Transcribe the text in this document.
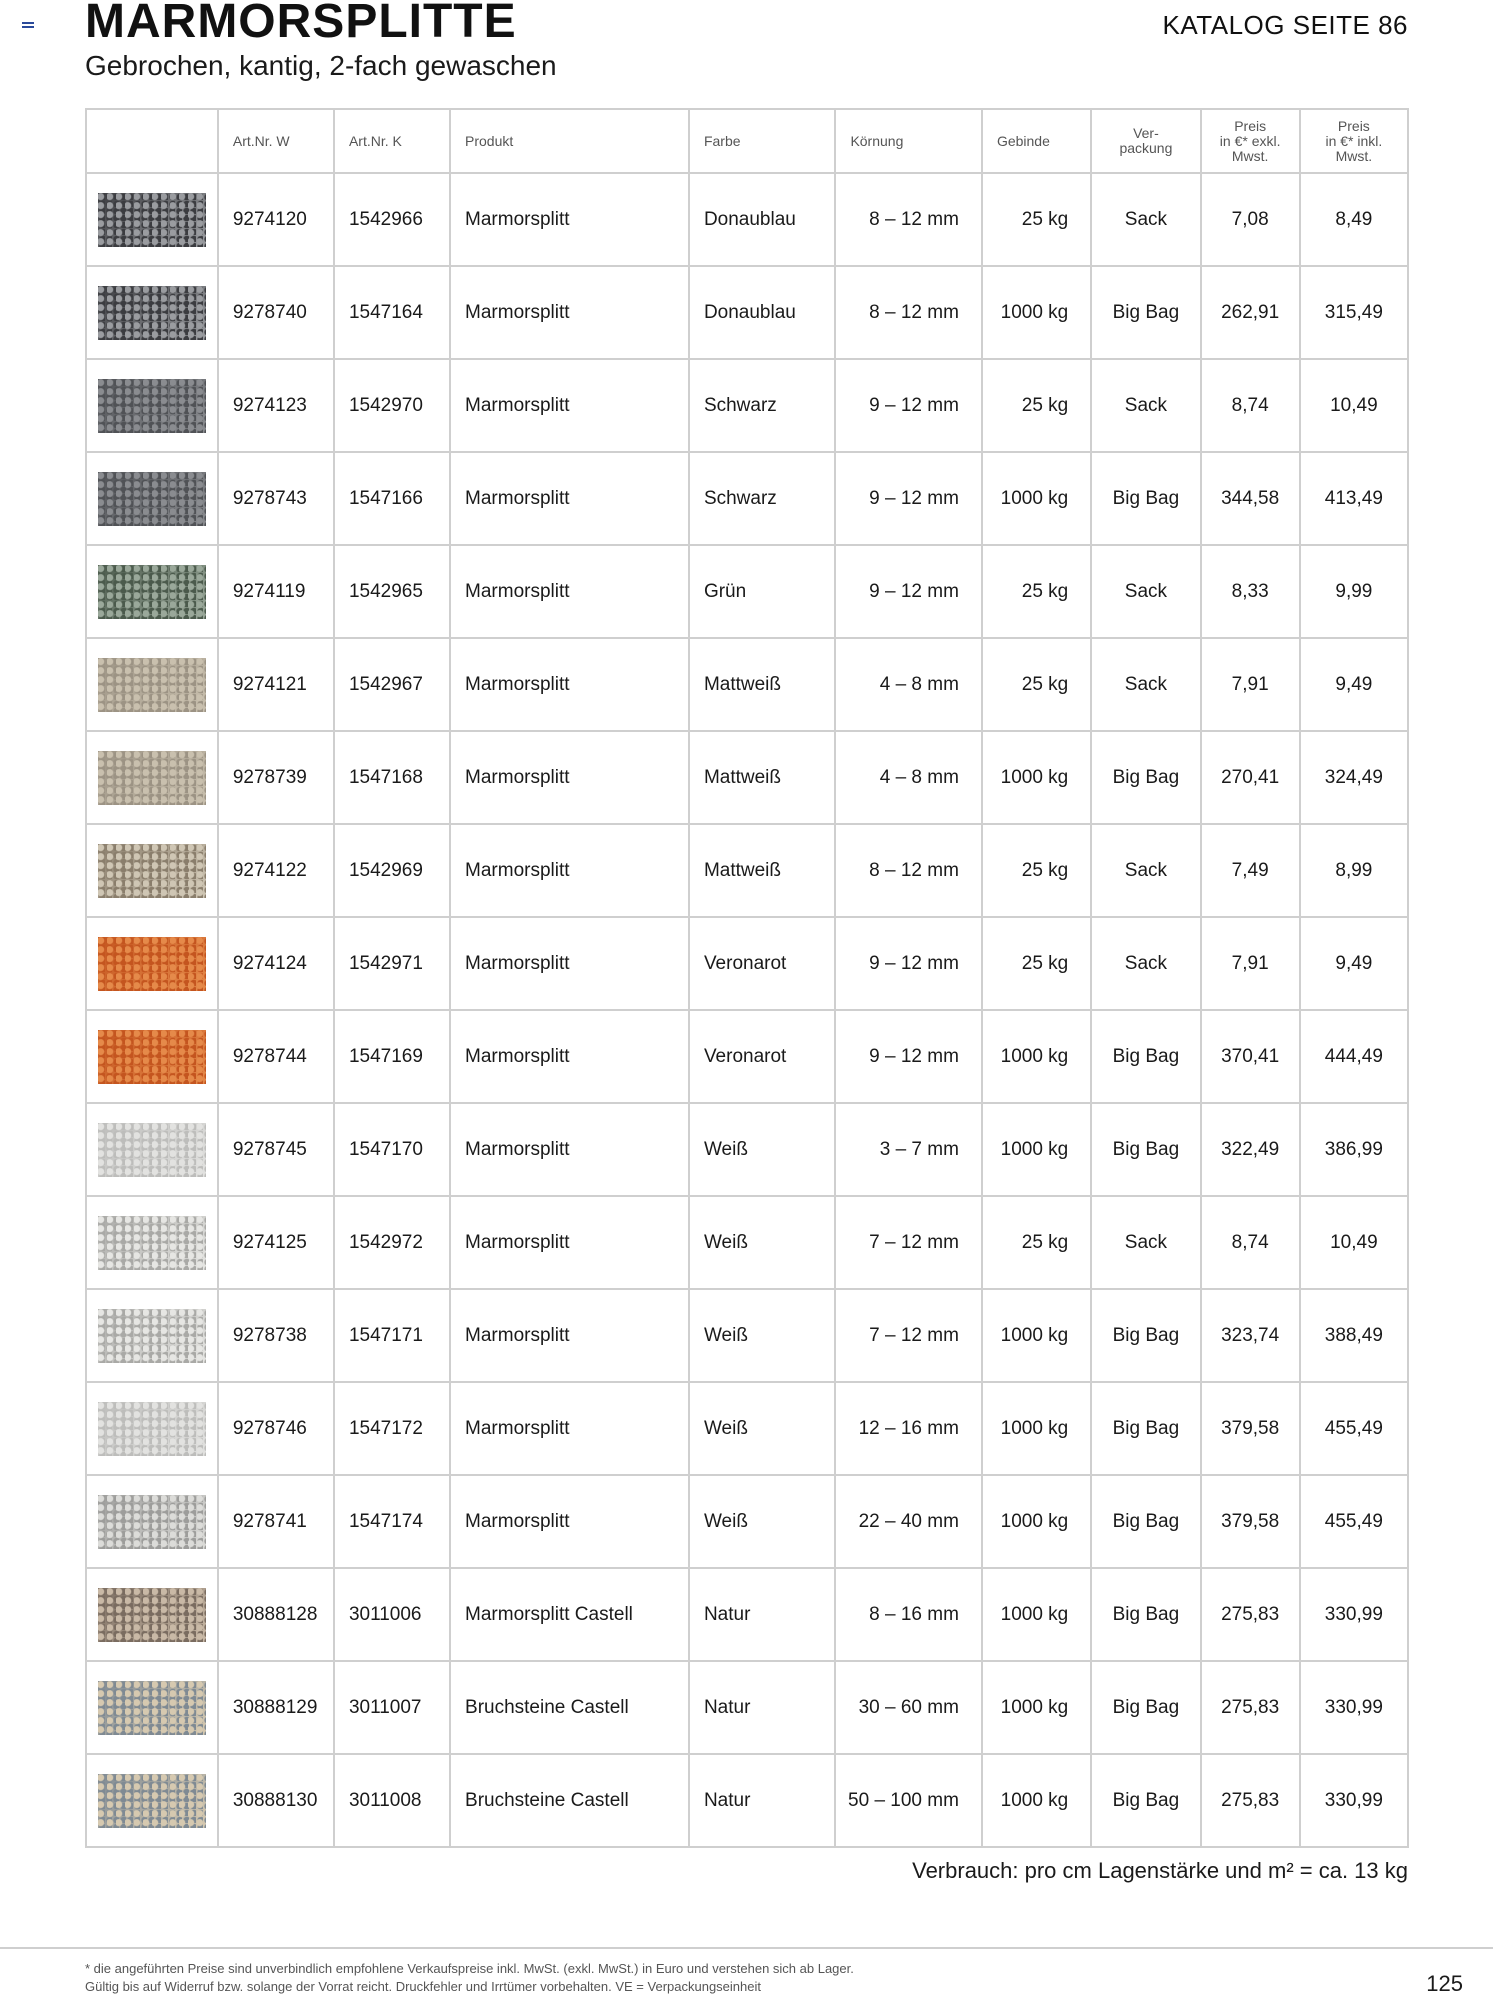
MARMORSPLITTE
Gebrochen, kantig, 2-fach gewaschen
KATALOG SEITE 86
	Art.Nr. W	Art.Nr. K	Produkt	Farbe	Körnung	Gebinde	Ver-
packung	Preis
in €* exkl.
Mwst.	Preis
in €* inkl.
Mwst.
	9274120	1542966	Marmorsplitt	Donaublau	8 – 12 mm	25 kg	Sack	7,08	8,49
	9278740	1547164	Marmorsplitt	Donaublau	8 – 12 mm	1000 kg	Big Bag	262,91	315,49
	9274123	1542970	Marmorsplitt	Schwarz	9 – 12 mm	25 kg	Sack	8,74	10,49
	9278743	1547166	Marmorsplitt	Schwarz	9 – 12 mm	1000 kg	Big Bag	344,58	413,49
	9274119	1542965	Marmorsplitt	Grün	9 – 12 mm	25 kg	Sack	8,33	9,99
	9274121	1542967	Marmorsplitt	Mattweiß	4 – 8 mm	25 kg	Sack	7,91	9,49
	9278739	1547168	Marmorsplitt	Mattweiß	4 – 8 mm	1000 kg	Big Bag	270,41	324,49
	9274122	1542969	Marmorsplitt	Mattweiß	8 – 12 mm	25 kg	Sack	7,49	8,99
	9274124	1542971	Marmorsplitt	Veronarot	9 – 12 mm	25 kg	Sack	7,91	9,49
	9278744	1547169	Marmorsplitt	Veronarot	9 – 12 mm	1000 kg	Big Bag	370,41	444,49
	9278745	1547170	Marmorsplitt	Weiß	3 – 7 mm	1000 kg	Big Bag	322,49	386,99
	9274125	1542972	Marmorsplitt	Weiß	7 – 12 mm	25 kg	Sack	8,74	10,49
	9278738	1547171	Marmorsplitt	Weiß	7 – 12 mm	1000 kg	Big Bag	323,74	388,49
	9278746	1547172	Marmorsplitt	Weiß	12 – 16 mm	1000 kg	Big Bag	379,58	455,49
	9278741	1547174	Marmorsplitt	Weiß	22 – 40 mm	1000 kg	Big Bag	379,58	455,49
	30888128	3011006	Marmorsplitt Castell	Natur	8 – 16 mm	1000 kg	Big Bag	275,83	330,99
	30888129	3011007	Bruchsteine Castell	Natur	30 – 60 mm	1000 kg	Big Bag	275,83	330,99
	30888130	3011008	Bruchsteine Castell	Natur	50 – 100 mm	1000 kg	Big Bag	275,83	330,99
Verbrauch: pro cm Lagenstärke und m² = ca. 13 kg
* die angeführten Preise sind unverbindlich empfohlene Verkaufspreise inkl. MwSt. (exkl. MwSt.) in Euro und verstehen sich ab Lager.
Gültig bis auf Widerruf bzw. solange der Vorrat reicht. Druckfehler und Irrtümer vorbehalten. VE = Verpackungseinheit	125
